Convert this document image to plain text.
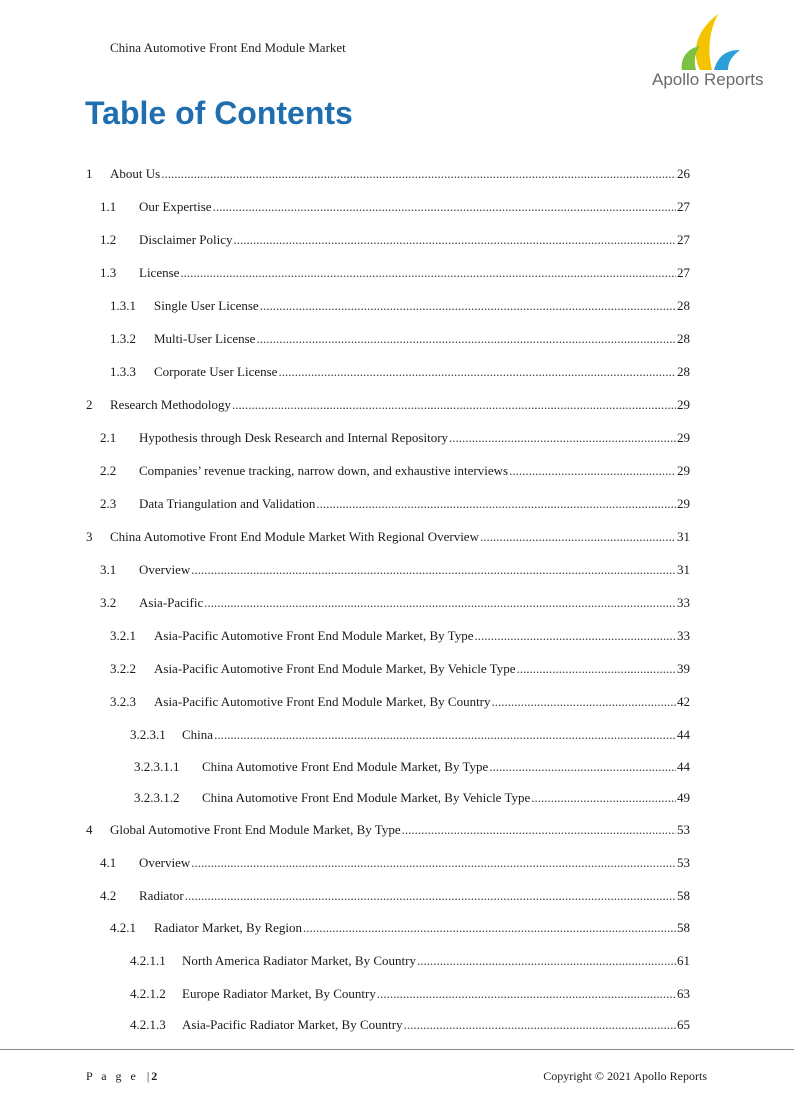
China Automotive Front End Module Market
Apollo Reports
Table of Contents
1	About Us .....	26
1.1	Our Expertise .....	27
1.2	Disclaimer Policy .....	27
1.3	License .....	27
1.3.1	Single User License .....	28
1.3.2	Multi-User License .....	28
1.3.3	Corporate User License .....	28
2	Research Methodology .....	29
2.1	Hypothesis through Desk Research and Internal Repository .....	29
2.2	Companies’ revenue tracking, narrow down, and exhaustive interviews .....	29
2.3	Data Triangulation and Validation .....	29
3	China Automotive Front End Module Market With Regional Overview .....	31
3.1	Overview .....	31
3.2	Asia-Pacific .....	33
3.2.1	Asia-Pacific Automotive Front End Module Market, By Type .....	33
3.2.2	Asia-Pacific Automotive Front End Module Market, By Vehicle Type .....	39
3.2.3	Asia-Pacific Automotive Front End Module Market, By Country .....	42
3.2.3.1	China .....	44
3.2.3.1.1	China Automotive Front End Module Market, By Type .....	44
3.2.3.1.2	China Automotive Front End Module Market, By Vehicle Type .....	49
4	Global Automotive Front End Module Market, By Type .....	53
4.1	Overview .....	53
4.2	Radiator .....	58
4.2.1	Radiator Market, By Region .....	58
4.2.1.1	North America Radiator Market, By Country .....	61
4.2.1.2	Europe Radiator Market, By Country .....	63
4.2.1.3	Asia-Pacific Radiator Market, By Country .....	65
P a g e | 2	Copyright © 2021 Apollo Reports
